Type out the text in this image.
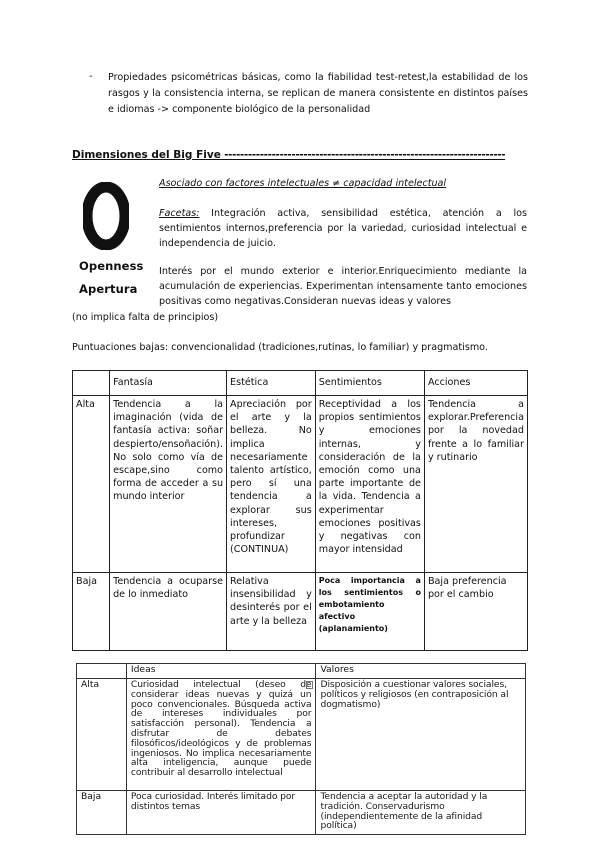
- Propiedades psicométricas básicas, como la fiabilidad test-retest,la estabilidad de los rasgos y la consistencia interna, se replican de manera consistente en distintos países e idiomas -> componente biológico de la personalidad
Dimensiones del Big Five -----------------------------------------------------------------------
Openness
Apertura
Asociado con factores intelectuales ≠ capacidad intelectual
Facetas: Integración activa, sensibilidad estética, atención a los sentimientos internos,preferencia por la variedad, curiosidad intelectual e independencia de juicio.
Interés por el mundo exterior e interior.Enriquecimiento mediante la acumulación de experiencias. Experimentan intensamente tanto emociones positivas como negativas.Consideran nuevas ideas y valores
(no implica falta de principios)
Puntuaciones bajas: convencionalidad (tradiciones,rutinas, lo familiar) y pragmatismo.
	Fantasía	Estética	Sentimientos	Acciones
Alta	Tendencia a la imaginación (vida de fantasía activa: soñar despierto/ensoñación). No solo como vía de escape,sino como forma de acceder a su mundo interior	Apreciación por el arte y la belleza. No implica necesariamente talento artístico, pero sí una tendencia a explorar sus intereses, profundizar (CONTINUA)	Receptividad a los propios sentimientos y emociones internas, y consideración de la emoción como una parte importante de la vida. Tendencia a experimentar emociones positivas y negativas con mayor intensidad	Tendencia a explorar.Preferencia por la novedad frente a lo familiar y rutinario
Baja	Tendencia a ocuparse de lo inmediato	Relativa insensibilidad y desinterés por el arte y la belleza	Poca importancia a los sentimientos o embotamiento afectivo (aplanamiento)	Baja preferencia por el cambio
	Ideas	Valores
Alta	Curiosidad intelectual (deseo de considerar ideas nuevas y quizá un poco convencionales. Búsqueda activa de intereses individuales por satisfacción personal). Tendencia a disfrutar de debates filosóficos/ideológicos y de problemas ingeniosos. No implica necesariamente alta inteligencia, aunque puede contribuir al desarrollo intelectual	Disposición a cuestionar valores sociales, políticos y religiosos (en contraposición al dogmatismo)
Baja	Poca curiosidad. Interés limitado por distintos temas	Tendencia a aceptar la autoridad y la tradición. Conservadurismo (independientemente de la afinidad política)
